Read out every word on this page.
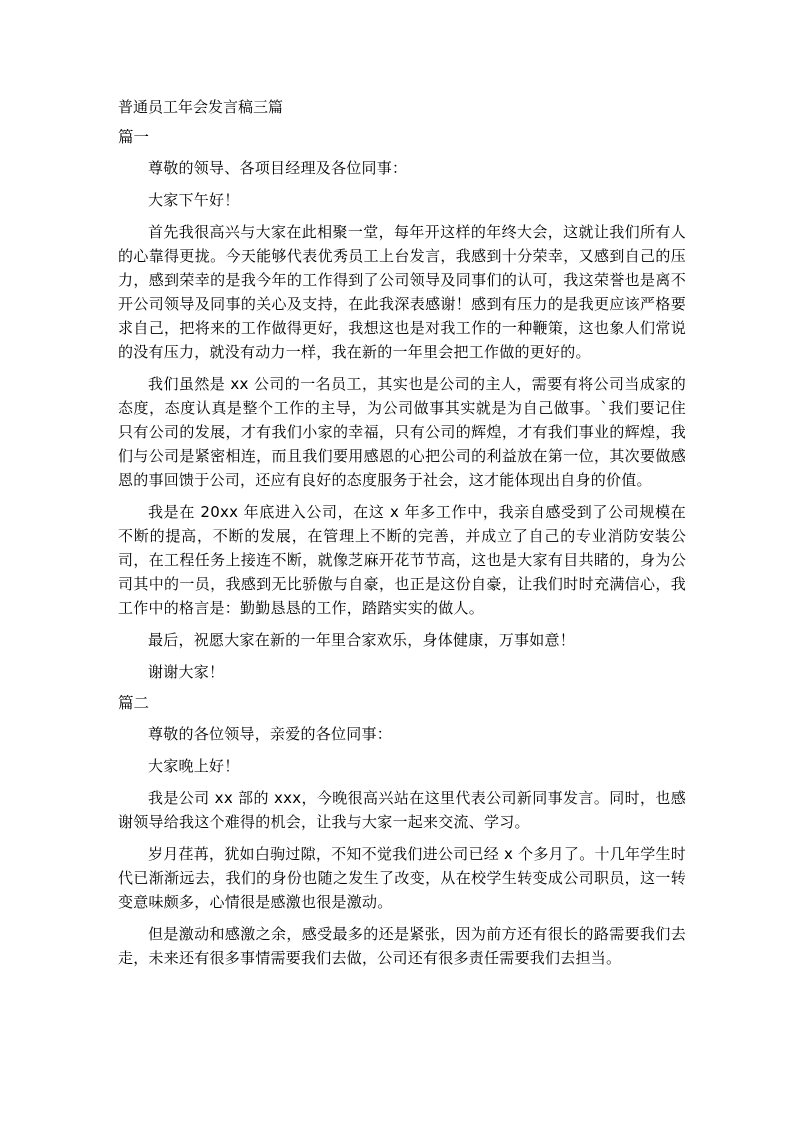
普通员工年会发言稿三篇
篇一

尊敬的领导、各项目经理及各位同事：

大家下午好！

首先我很高兴与大家在此相聚一堂，每年开这样的年终大会，这就让我们所有人的心靠得更拢。今天能够代表优秀员工上台发言，我感到十分荣幸，又感到自己的压力，感到荣幸的是我今年的工作得到了公司领导及同事们的认可，我这荣誉也是离不开公司领导及同事的关心及支持，在此我深表感谢！感到有压力的是我更应该严格要求自己，把将来的工作做得更好，我想这也是对我工作的一种鞭策，这也象人们常说的没有压力，就没有动力一样，我在新的一年里会把工作做的更好的。

我们虽然是 xx 公司的一名员工，其实也是公司的主人，需要有将公司当成家的态度，态度认真是整个工作的主导，为公司做事其实就是为自己做事。`我们要记住只有公司的发展，才有我们小家的幸福，只有公司的辉煌，才有我们事业的辉煌，我们与公司是紧密相连，而且我们要用感恩的心把公司的利益放在第一位，其次要做感恩的事回馈于公司，还应有良好的态度服务于社会，这才能体现出自身的价值。

我是在 20xx 年底进入公司，在这 x 年多工作中，我亲自感受到了公司规模在不断的提高，不断的发展，在管理上不断的完善，并成立了自己的专业消防安装公司，在工程任务上接连不断，就像芝麻开花节节高，这也是大家有目共睹的，身为公司其中的一员，我感到无比骄傲与自豪，也正是这份自豪，让我们时时充满信心，我工作中的格言是：勤勤恳恳的工作，踏踏实实的做人。

最后，祝愿大家在新的一年里合家欢乐，身体健康，万事如意！

谢谢大家！

篇二

尊敬的各位领导，亲爱的各位同事：

大家晚上好！

我是公司 xx 部的 xxx，今晚很高兴站在这里代表公司新同事发言。同时，也感谢领导给我这个难得的机会，让我与大家一起来交流、学习。

岁月荏苒，犹如白驹过隙，不知不觉我们进公司已经 x 个多月了。十几年学生时代已渐渐远去，我们的身份也随之发生了改变，从在校学生转变成公司职员，这一转变意味颇多，心情很是感激也很是激动。

但是激动和感激之余，感受最多的还是紧张，因为前方还有很长的路需要我们去走，未来还有很多事情需要我们去做，公司还有很多责任需要我们去担当。
